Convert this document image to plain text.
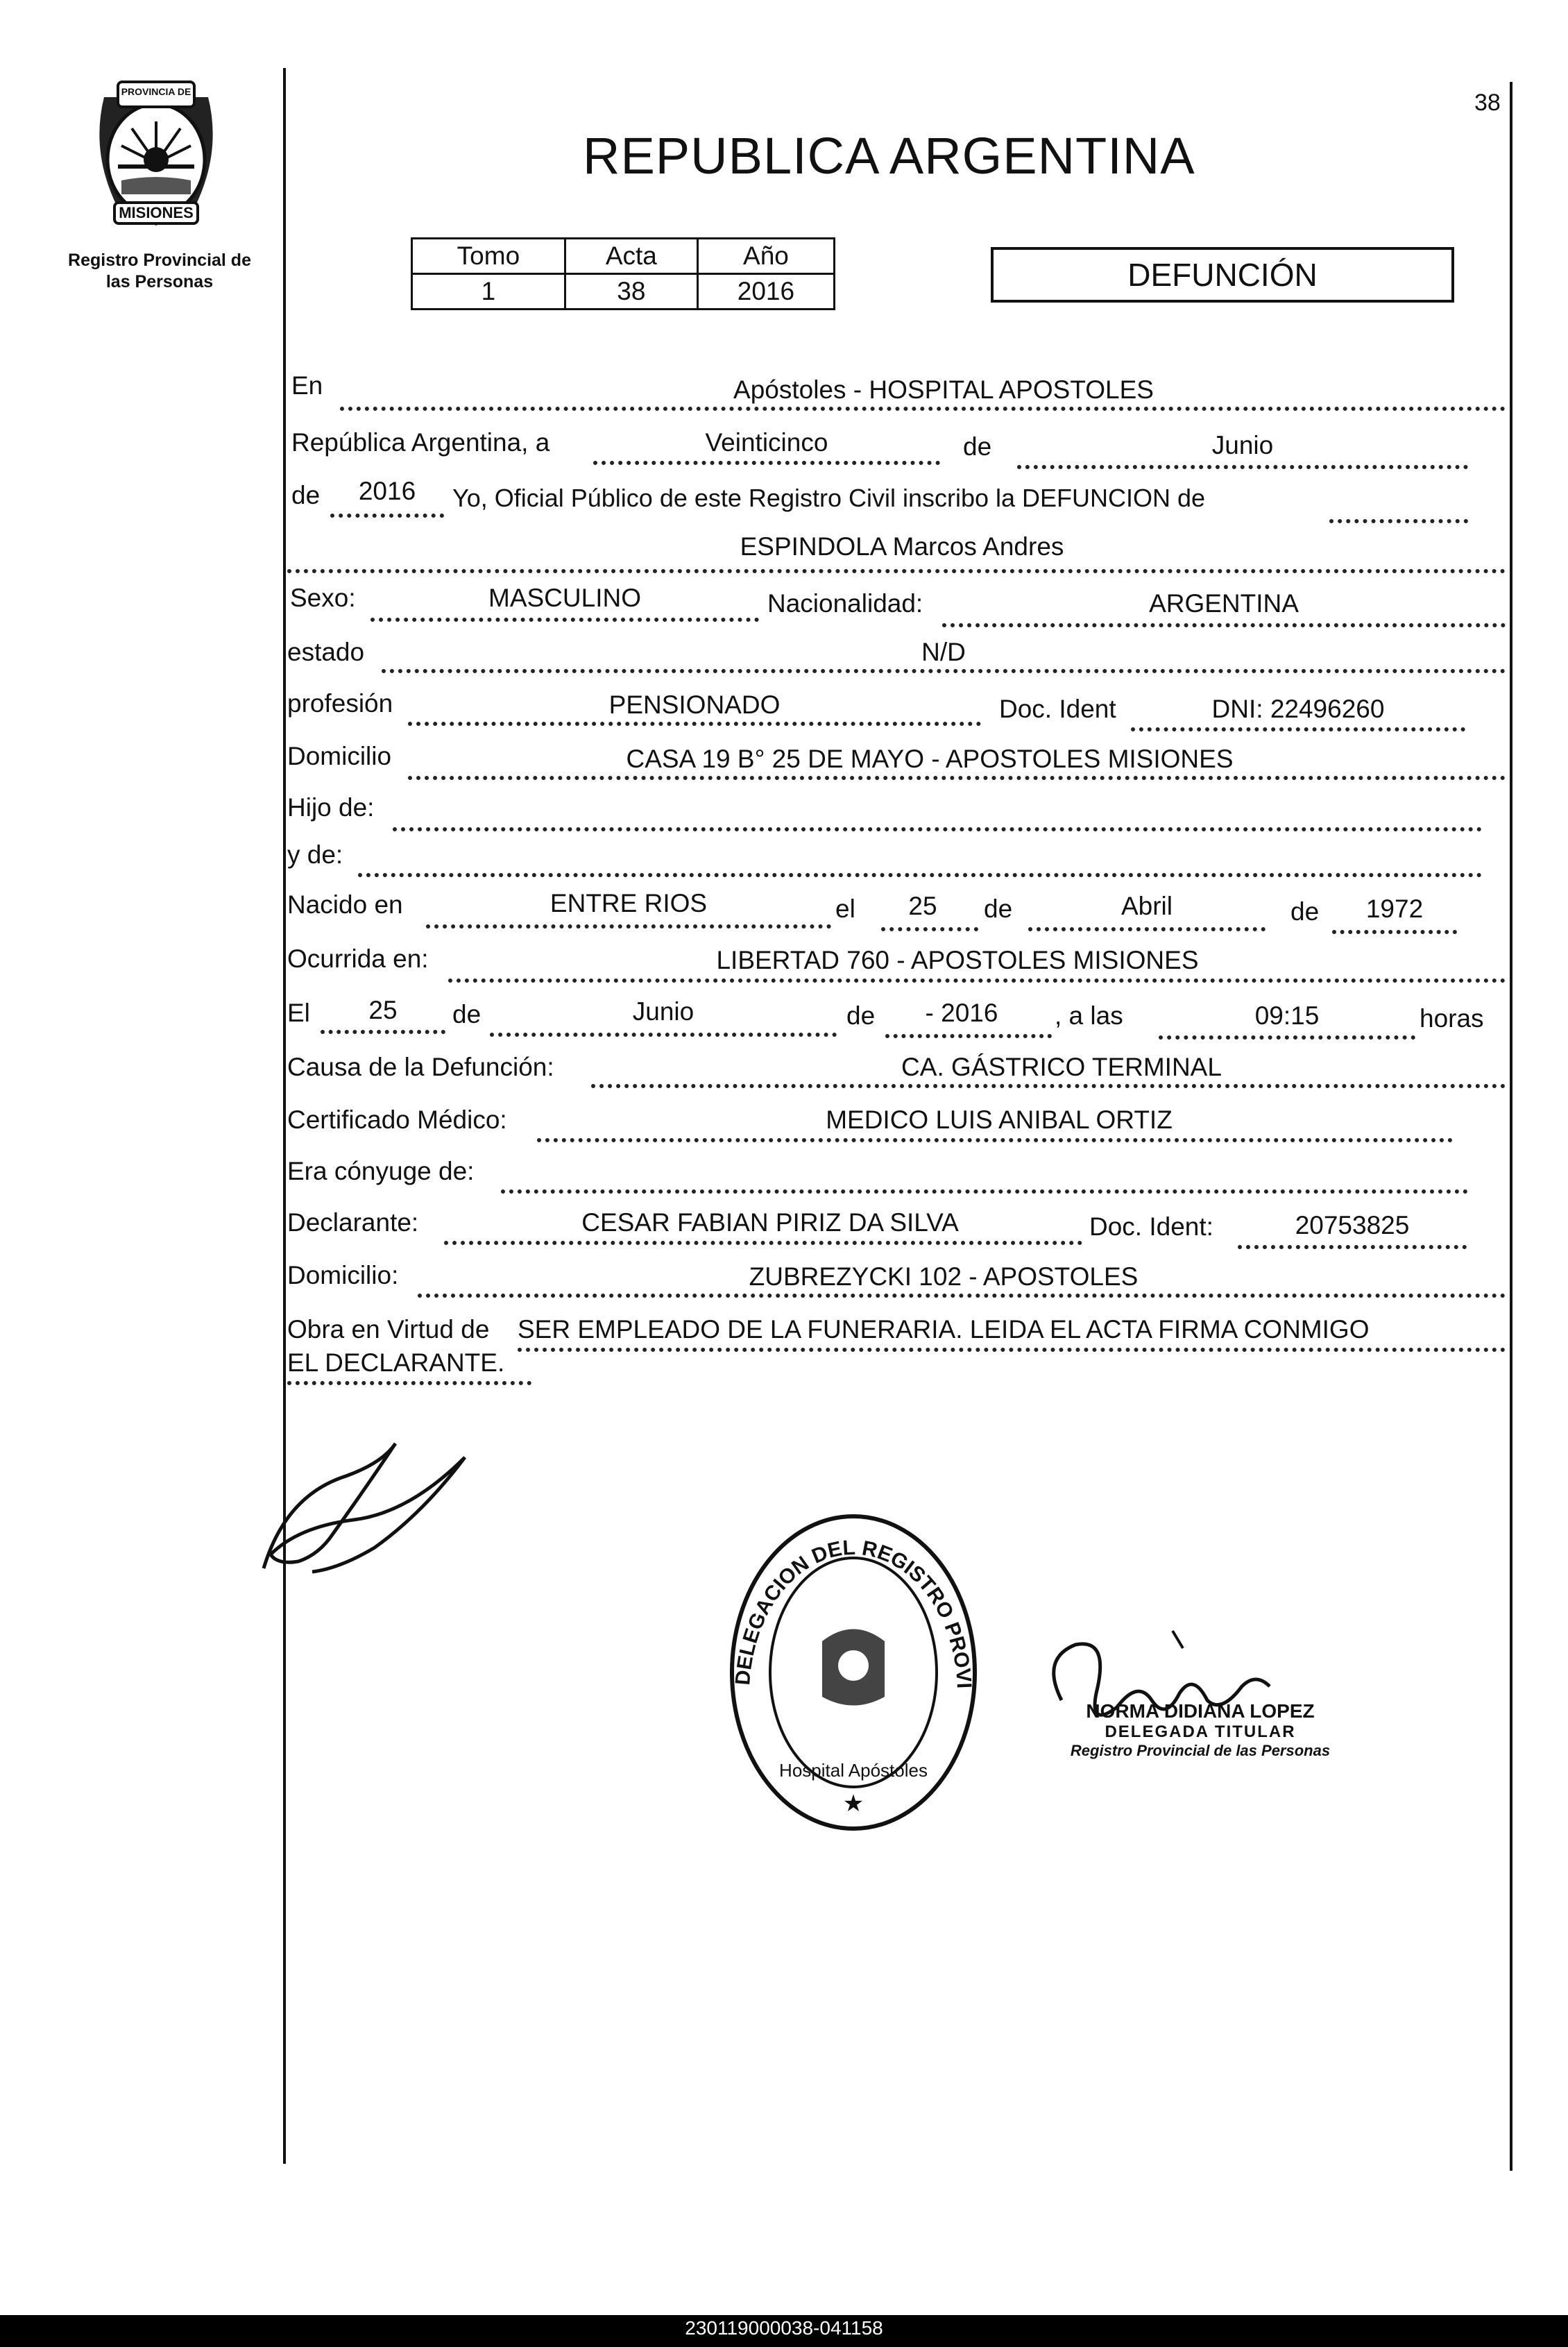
38
PROVINCIA DE
MISIONES
Registro Provincial de
las Personas
REPUBLICA ARGENTINA
Tomo	Acta	Año
1	38	2016	DEFUNCIÓN
En	Apóstoles - HOSPITAL APOSTOLES
República Argentina, a	Veinticinco	de	Junio
de	2016	Yo, Oficial Público de este Registro Civil inscribo la DEFUNCION de
ESPINDOLA Marcos Andres
Sexo:	MASCULINO	Nacionalidad:	ARGENTINA
estado	N/D
profesión	PENSIONADO	Doc. Ident	DNI: 22496260
Domicilio	CASA 19 B° 25 DE MAYO - APOSTOLES MISIONES
Hijo de:
y de:
Nacido en	ENTRE RIOS	el	25	de	Abril	de	1972
Ocurrida en:	LIBERTAD 760 - APOSTOLES MISIONES
El	25	de	Junio	de	- 2016	, a las	09:15	horas
Causa de la Defunción:	CA. GÁSTRICO TERMINAL
Certificado Médico:	MEDICO LUIS ANIBAL ORTIZ
Era cónyuge de:
Declarante:	CESAR FABIAN PIRIZ DA SILVA	Doc. Ident:	20753825
Domicilio:	ZUBREZYCKI 102 - APOSTOLES
Obra en Virtud de SER EMPLEADO DE LA FUNERARIA. LEIDA EL ACTA FIRMA CONMIGO
EL DECLARANTE.
DELEGACION DEL REGISTRO PROVI
Hospital Apóstoles
★
NORMA DIDIANA LOPEZ
DELEGADA TITULAR
Registro Provincial de las Personas
230119000038-041158
